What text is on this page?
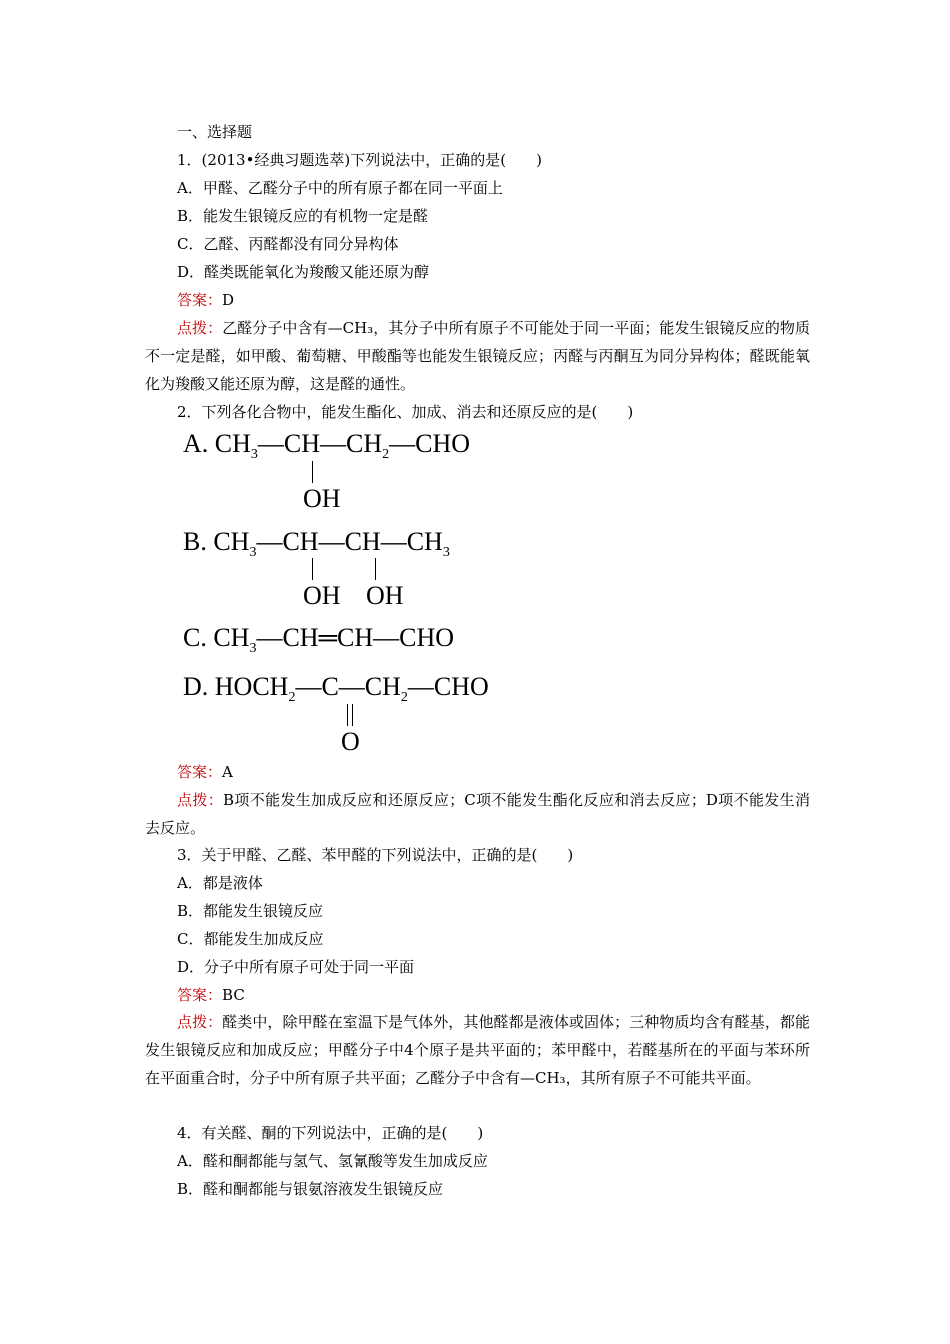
一、选择题
1．(2013•经典习题选萃)下列说法中，正确的是(　　)
A．甲醛、乙醛分子中的所有原子都在同一平面上
B．能发生银镜反应的有机物一定是醛
C．乙醛、丙醛都没有同分异构体
D．醛类既能氧化为羧酸又能还原为醇
答案：D
点拨：乙醛分子中含有—CH₃，其分子中所有原子不可能处于同一平面；能发生银镜反应的物质不一定是醛，如甲酸、葡萄糖、甲酸酯等也能发生银镜反应；丙醛与丙酮互为同分异构体；醛既能氧化为羧酸又能还原为醇，这是醛的通性。
2．下列各化合物中，能发生酯化、加成、消去和还原反应的是(　　)
A. $CH_3—CH—CH_2—CHO$
OH
B. $CH_3—CH—CH—CH_3$
OH OH
C. $CH_3—CH═CH—CHO$
D. $HOCH_2—C—CH_2—CHO$
O
答案：A
点拨：B项不能发生加成反应和还原反应；C项不能发生酯化反应和消去反应；D项不能发生消去反应。
3．关于甲醛、乙醛、苯甲醛的下列说法中，正确的是(　　)
A．都是液体
B．都能发生银镜反应
C．都能发生加成反应
D．分子中所有原子可处于同一平面
答案：BC
点拨：醛类中，除甲醛在室温下是气体外，其他醛都是液体或固体；三种物质均含有醛基，都能发生银镜反应和加成反应；甲醛分子中4个原子是共平面的；苯甲醛中，若醛基所在的平面与苯环所在平面重合时，分子中所有原子共平面；乙醛分子中含有—CH₃，其所有原子不可能共平面。
4．有关醛、酮的下列说法中，正确的是(　　)
A．醛和酮都能与氢气、氢氰酸等发生加成反应
B．醛和酮都能与银氨溶液发生银镜反应
